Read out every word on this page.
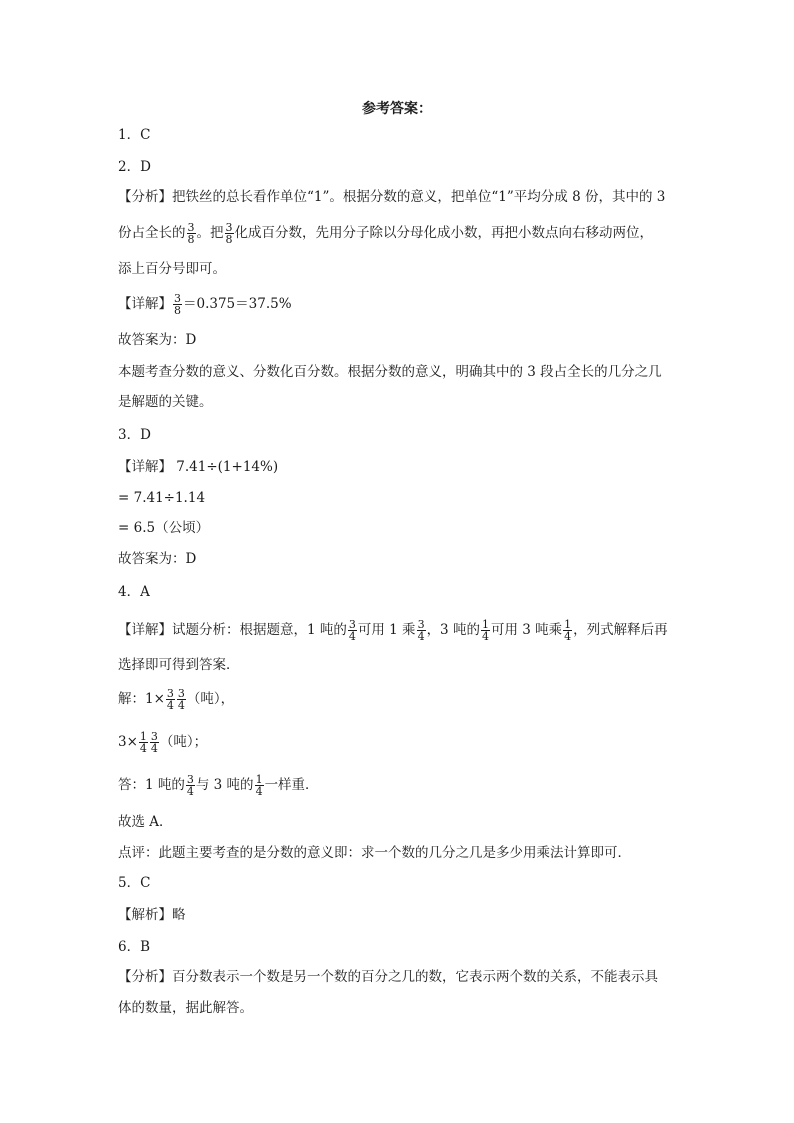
参考答案：
1．C
2．D
【分析】把铁丝的总长看作单位“1”。根据分数的意义，把单位“1”平均分成 8 份，其中的 3
份占全长的 $\frac{3}{8}$ 。把 $\frac{3}{8}$ 化成百分数，先用分子除以分母化成小数，再把小数点向右移动两位，
添上百分号即可。
【详解】 $\frac{3}{8} =0.375=37.5\%$
故答案为：D
本题考查分数的意义、分数化百分数。根据分数的意义，明确其中的 3 段占全长的几分之几
是解题的关键。
3．D
【详解】 7.41÷(1+14%)
= 7.41÷1.14
= 6.5（公顷）
故答案为：D
4．A
【详解】试题分析：根据题意，1 吨的 $\frac{3}{4}$ 可用 1 乘 $\frac{3}{4}$ ，3 吨的 $\frac{1}{4}$ 可用 3 吨乘 $\frac{1}{4}$ ，列式解释后再
选择即可得到答案．
解：$1\times \frac{3}{4} \frac{3}{4}$ （吨），
$3\times \frac{1}{4} \frac{3}{4}$ （吨）；
答：1 吨的 $\frac{3}{4}$ 与 3 吨的 $\frac{1}{4}$ 一样重．
故选 A．
点评：此题主要考查的是分数的意义即：求一个数的几分之几是多少用乘法计算即可．
5．C
【解析】略
6．B
【分析】百分数表示一个数是另一个数的百分之几的数，它表示两个数的关系，不能表示具
体的数量，据此解答。
